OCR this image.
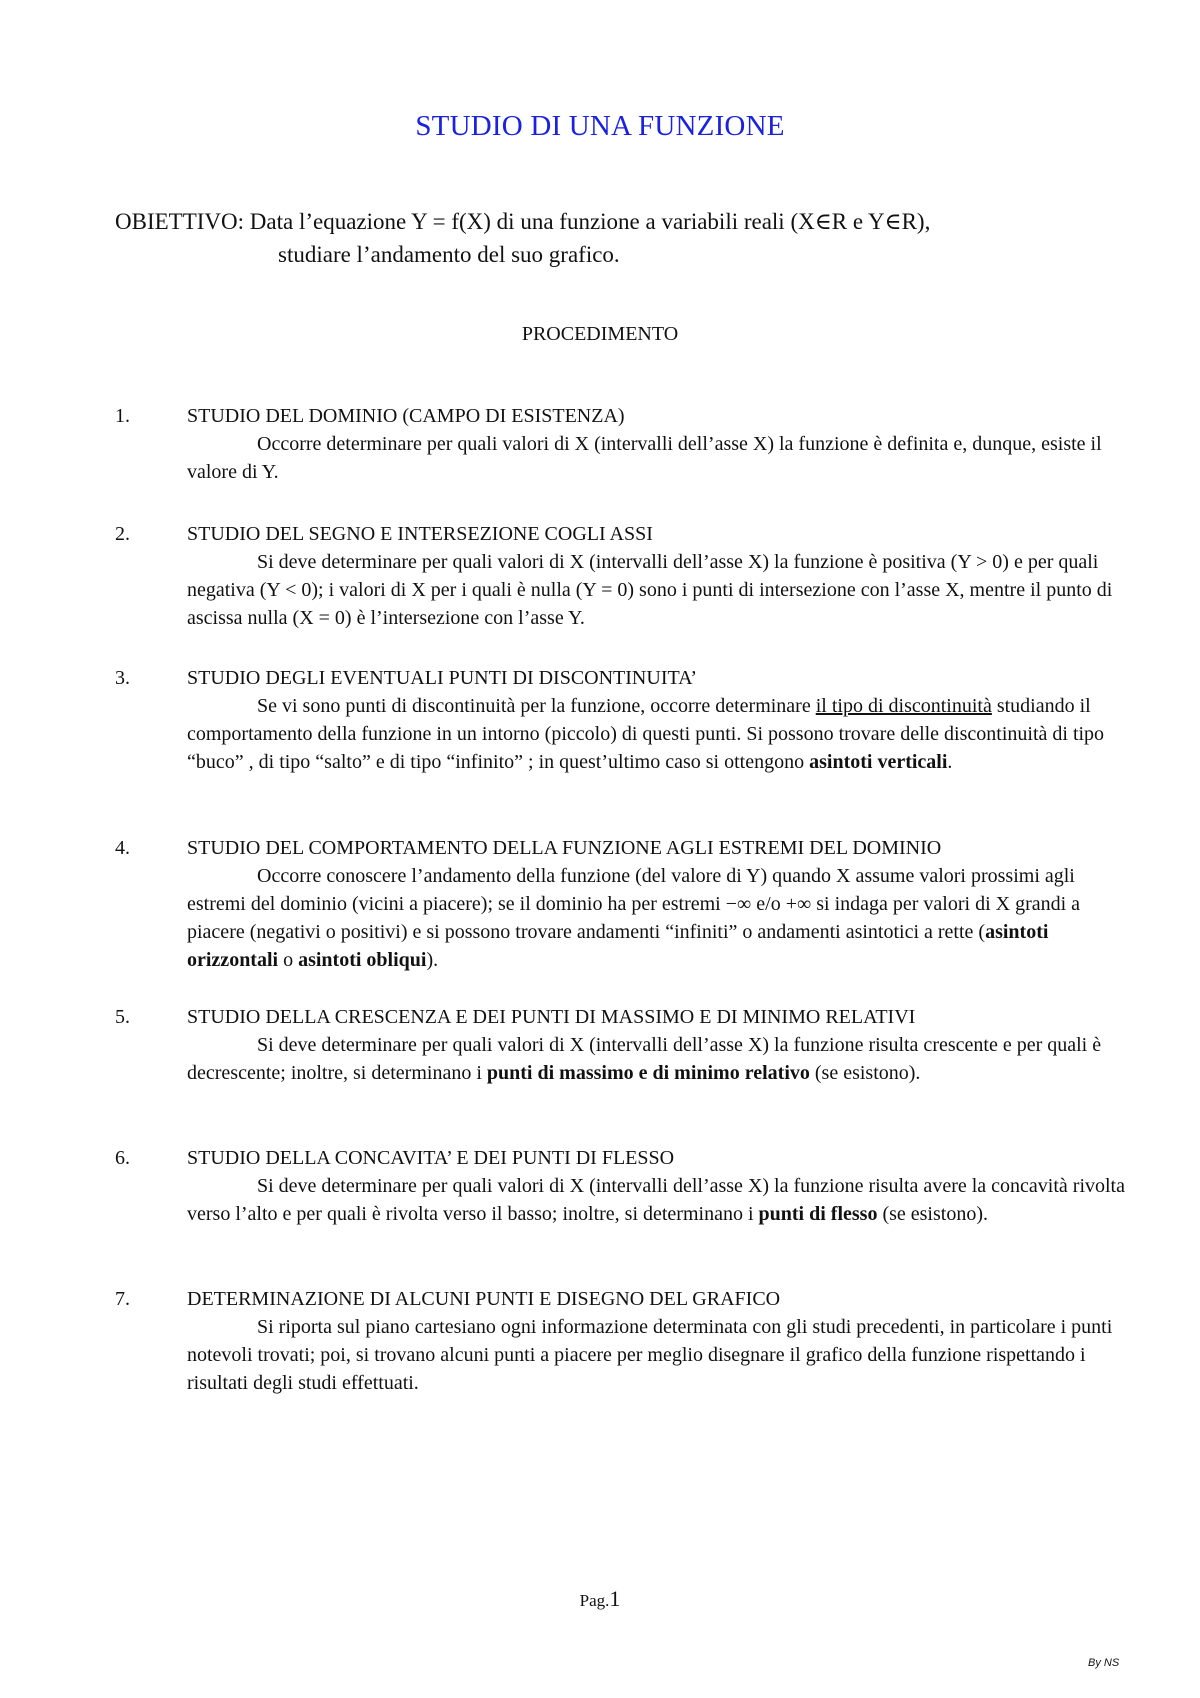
STUDIO DI UNA FUNZIONE
OBIETTIVO: Data l’equazione Y = f(X) di una funzione a variabili reali (X∈R e Y∈R),
studiare l’andamento del suo grafico.
PROCEDIMENTO
1.	STUDIO DEL DOMINIO (CAMPO DI ESISTENZA)
Occorre determinare per quali valori di X (intervalli dell’asse X) la funzione è definita e, dunque, esiste il valore di Y.
2.	STUDIO DEL SEGNO E INTERSEZIONE COGLI ASSI
Si deve determinare per quali valori di X (intervalli dell’asse X) la funzione è positiva (Y > 0) e per quali negativa (Y < 0); i valori di X per i quali è nulla (Y = 0) sono i punti di intersezione con l’asse X, mentre il punto di ascissa nulla (X = 0) è l’intersezione con l’asse Y.
3.	STUDIO DEGLI EVENTUALI PUNTI DI DISCONTINUITA’
Se vi sono punti di discontinuità per la funzione, occorre determinare il tipo di discontinuità studiando il comportamento della funzione in un intorno (piccolo) di questi punti. Si possono trovare delle discontinuità di tipo “buco” , di tipo “salto” e di tipo “infinito” ; in quest’ultimo caso si ottengono asintoti verticali.
4.	STUDIO DEL COMPORTAMENTO DELLA FUNZIONE AGLI ESTREMI DEL DOMINIO
Occorre conoscere l’andamento della funzione (del valore di Y) quando X assume valori prossimi agli estremi del dominio (vicini a piacere); se il dominio ha per estremi −∞ e/o +∞ si indaga per valori di X grandi a piacere (negativi o positivi) e si possono trovare andamenti “infiniti” o andamenti asintotici a rette (asintoti orizzontali o asintoti obliqui).
5.	STUDIO DELLA CRESCENZA E DEI PUNTI DI MASSIMO E DI MINIMO RELATIVI
Si deve determinare per quali valori di X (intervalli dell’asse X) la funzione risulta crescente e per quali è decrescente; inoltre, si determinano i punti di massimo e di minimo relativo (se esistono).
6.	STUDIO DELLA CONCAVITA’ E DEI PUNTI DI FLESSO
Si deve determinare per quali valori di X (intervalli dell’asse X) la funzione risulta avere la concavità rivolta verso l’alto e per quali è rivolta verso il basso; inoltre, si determinano i punti di flesso (se esistono).
7.	DETERMINAZIONE DI ALCUNI PUNTI E DISEGNO DEL GRAFICO
Si riporta sul piano cartesiano ogni informazione determinata con gli studi precedenti, in particolare i punti notevoli trovati; poi, si trovano alcuni punti a piacere per meglio disegnare il grafico della funzione rispettando i risultati degli studi effettuati.
Pag.1
By NS
